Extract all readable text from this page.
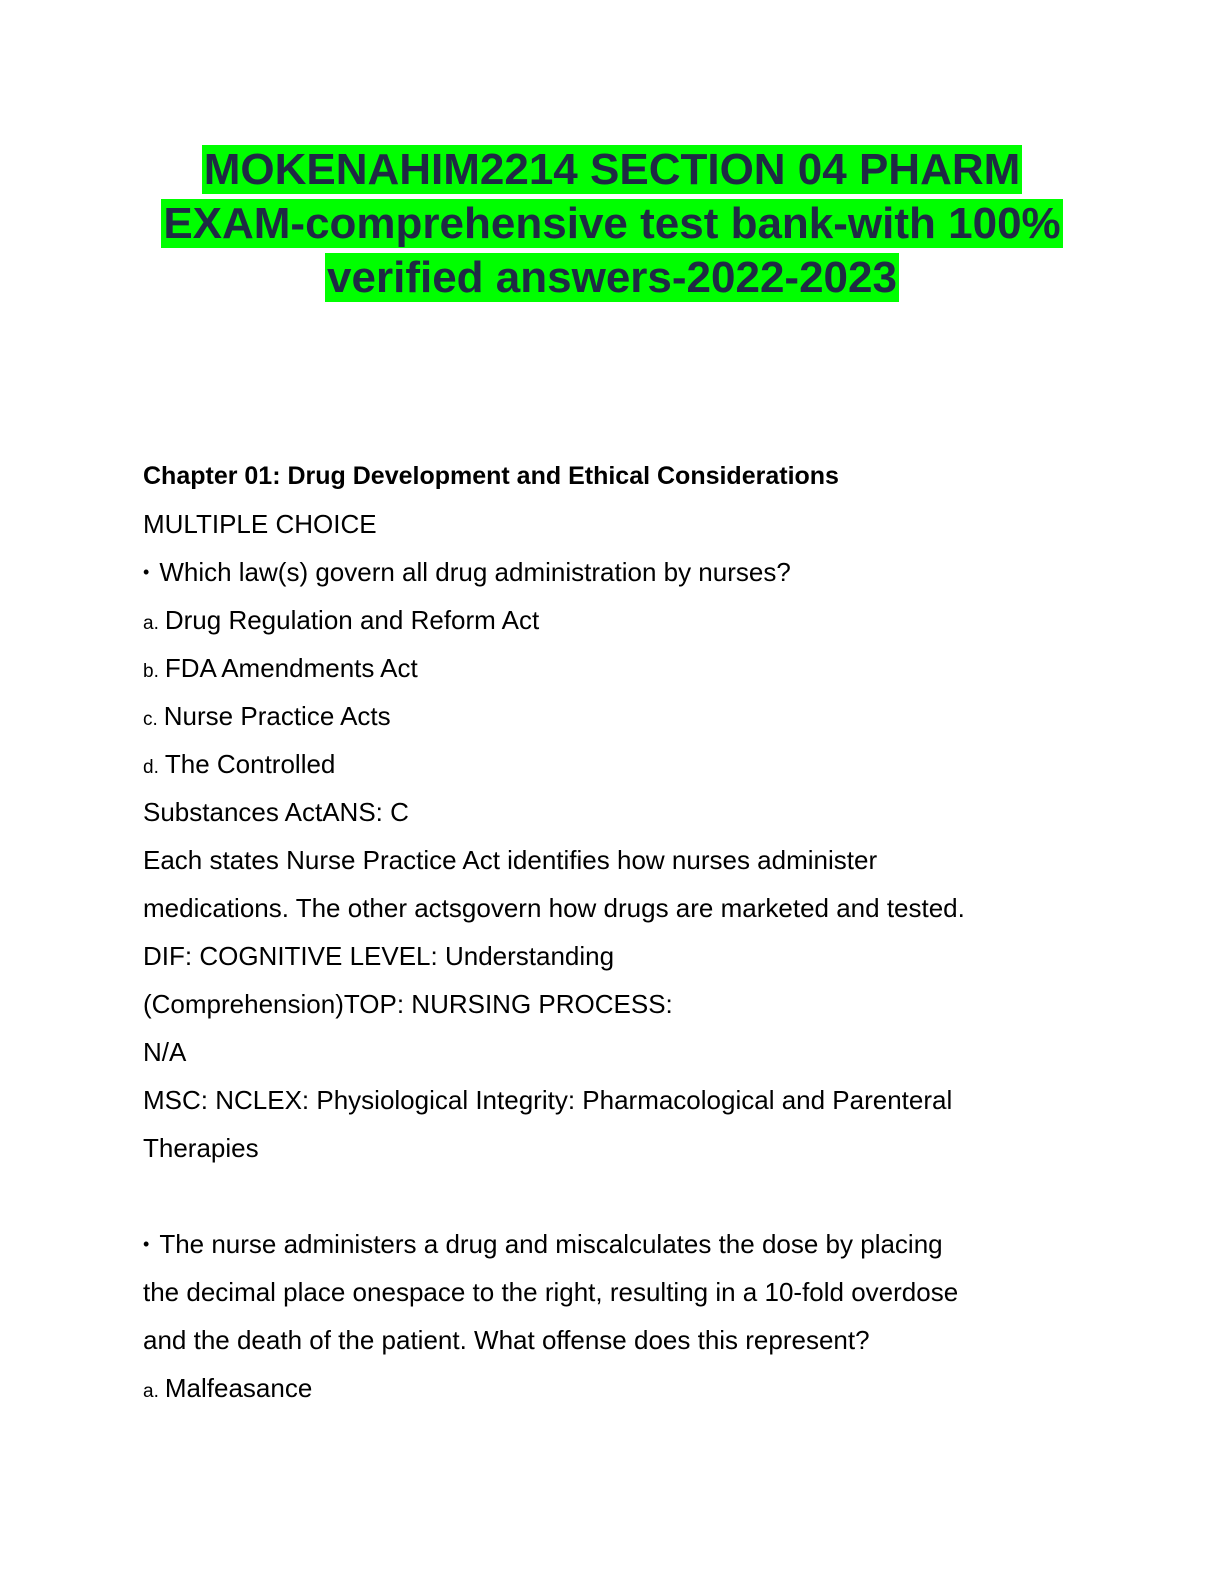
MOKENAHIM2214 SECTION 04 PHARM
EXAM-comprehensive test bank-with 100%
verified answers-2022-2023
Chapter 01: Drug Development and Ethical Considerations
MULTIPLE CHOICE
• Which law(s) govern all drug administration by nurses?
a. Drug Regulation and Reform Act
b. FDA Amendments Act
c. Nurse Practice Acts
d. The Controlled
Substances ActANS: C
Each states Nurse Practice Act identifies how nurses administer
medications. The other actsgovern how drugs are marketed and tested.
DIF: COGNITIVE LEVEL: Understanding
(Comprehension)TOP: NURSING PROCESS:
N/A
MSC: NCLEX: Physiological Integrity: Pharmacological and Parenteral
Therapies
• The nurse administers a drug and miscalculates the dose by placing
the decimal place onespace to the right, resulting in a 10-fold overdose
and the death of the patient. What offense does this represent?
a. Malfeasance
